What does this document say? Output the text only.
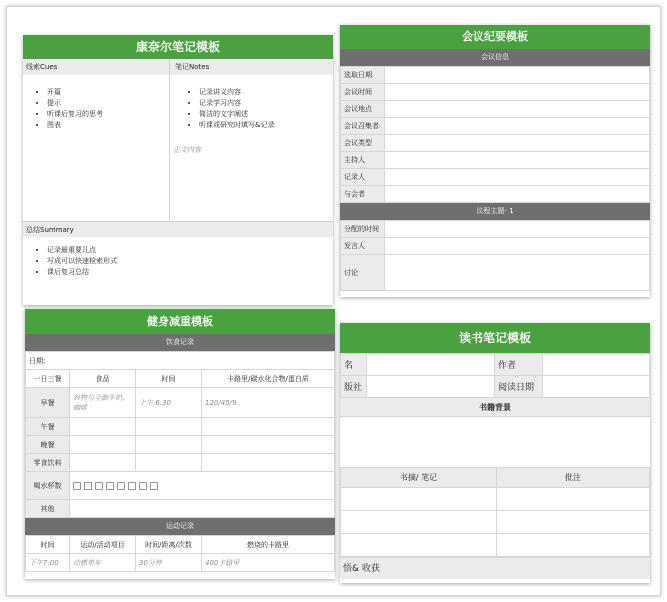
康奈尔笔记模板
线索Cues	笔记Notes
• 开篇
• 提示
• 听课后复习的思考
• 图表
• 记录讲义内容
• 记录学习内容
• 简洁的文字阐述
• 听课或研究时填写&记录
正文内容
总结Summary
• 记录最重要几点
• 写成可以快速检索形式
• 课后复习总结
会议纪要模板
会议信息
选取日期	
会议时间	
会议地点	
会议召集者	
会议类型	
主持人	
记录人	
与会者	
议程主题- 1
分配的时间	
发言人	
讨论	
健身减重模板
饮食记录
日期:			
一日三餐	食品	时间	卡路里/碳水化合物/蛋白质
早餐	谷物与全脂牛奶、咖啡	上午 6:30	120/45/9
午餐			
晚餐			
零食饮料			
喝水杯数			
其他			
运动记录
时间	运动/活动项目	时间/距离/次数	燃烧的卡路里
下午7:00	动感单车	30分钟	400卡路里
读书笔记模板
名		作者	
版社		阅读日期	
书籍背景
书摘/ 笔记	批注

悟& 收获
